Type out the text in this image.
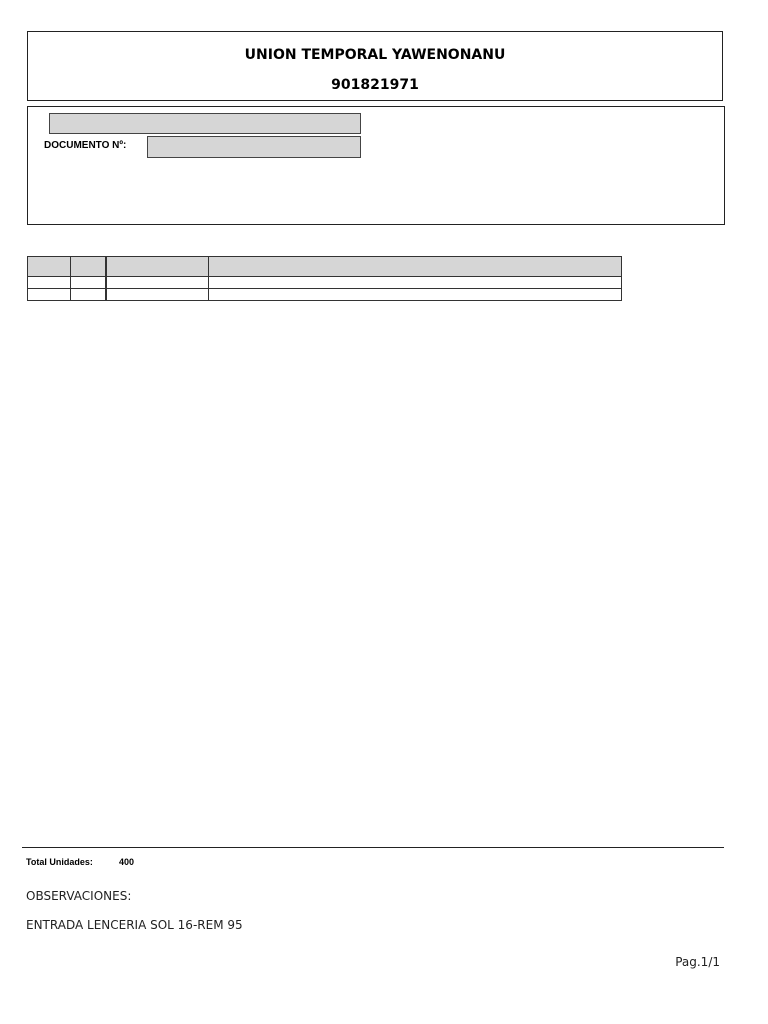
UNION TEMPORAL YAWENONANU
901821971
DOCUMENTO Nº:

Total Unidades:	400
OBSERVACIONES:
ENTRADA LENCERIA SOL 16-REM 95
Pag.1/1
